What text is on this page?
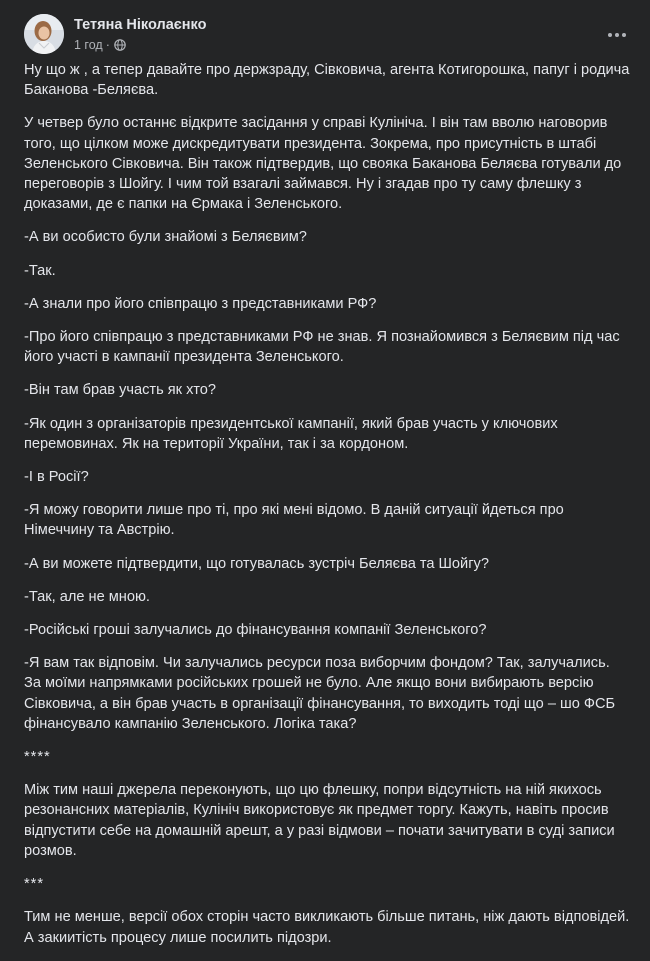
Тетяна Ніколаєнко
1 год ·

Ну що ж , а тепер давайте про держзраду, Сівковича, агента Котигорошка, папуг і родича Баканова -Беляєва.

У четвер було останнє відкрите засідання у справі Кулініча. І він там вволю наговорив того, що цілком може дискредитувати президента. Зокрема, про присутність в штабі Зеленського Сівковича. Він також підтвердив, що свояка Баканова Беляєва готували до переговорів з Шойгу. І чим той взагалі займався. Ну і згадав про ту саму флешку з доказами, де є папки на Єрмака і Зеленського.

-А ви особисто були знайомі з Беляєвим?

-Так.

-А знали про його співпрацю з представниками РФ?

-Про його співпрацю з представниками РФ не знав. Я познайомився з Беляєвим під час його участі в кампанії президента Зеленського.

-Він там брав участь як хто?

-Як один з організаторів президентської кампанії, який брав участь у ключових перемовинах. Як на території України, так і за кордоном.

-І в Росії?

-Я можу говорити лише про ті, про які мені відомо. В даній ситуації йдеться про Німеччину та Австрію.

-А ви можете підтвердити, що готувалась зустріч Беляєва та Шойгу?

-Так, але не мною.

-Російські гроші залучались до фінансування компанії Зеленського?

-Я вам так відповім. Чи залучались ресурси поза виборчим фондом? Так, залучались. За моїми напрямками російських грошей не було. Але якщо вони вибирають версію Сівковича, а він брав участь в організації фінансування, то виходить тоді що – шо ФСБ фінансувало кампанію Зеленського. Логіка така?

****

Між тим наші джерела переконують, що цю флешку, попри відсутність на ній якихось резонансних матеріалів, Кулініч використовує як предмет торгу. Кажуть, навіть просив відпустити себе на домашній арешт, а у разі відмови – почати зачитувати в суді записи розмов.

***

Тим не менше, версії обох сторін часто викликають більше питань, ніж дають відповідей. А закиитість процесу лише посилить підозри.
